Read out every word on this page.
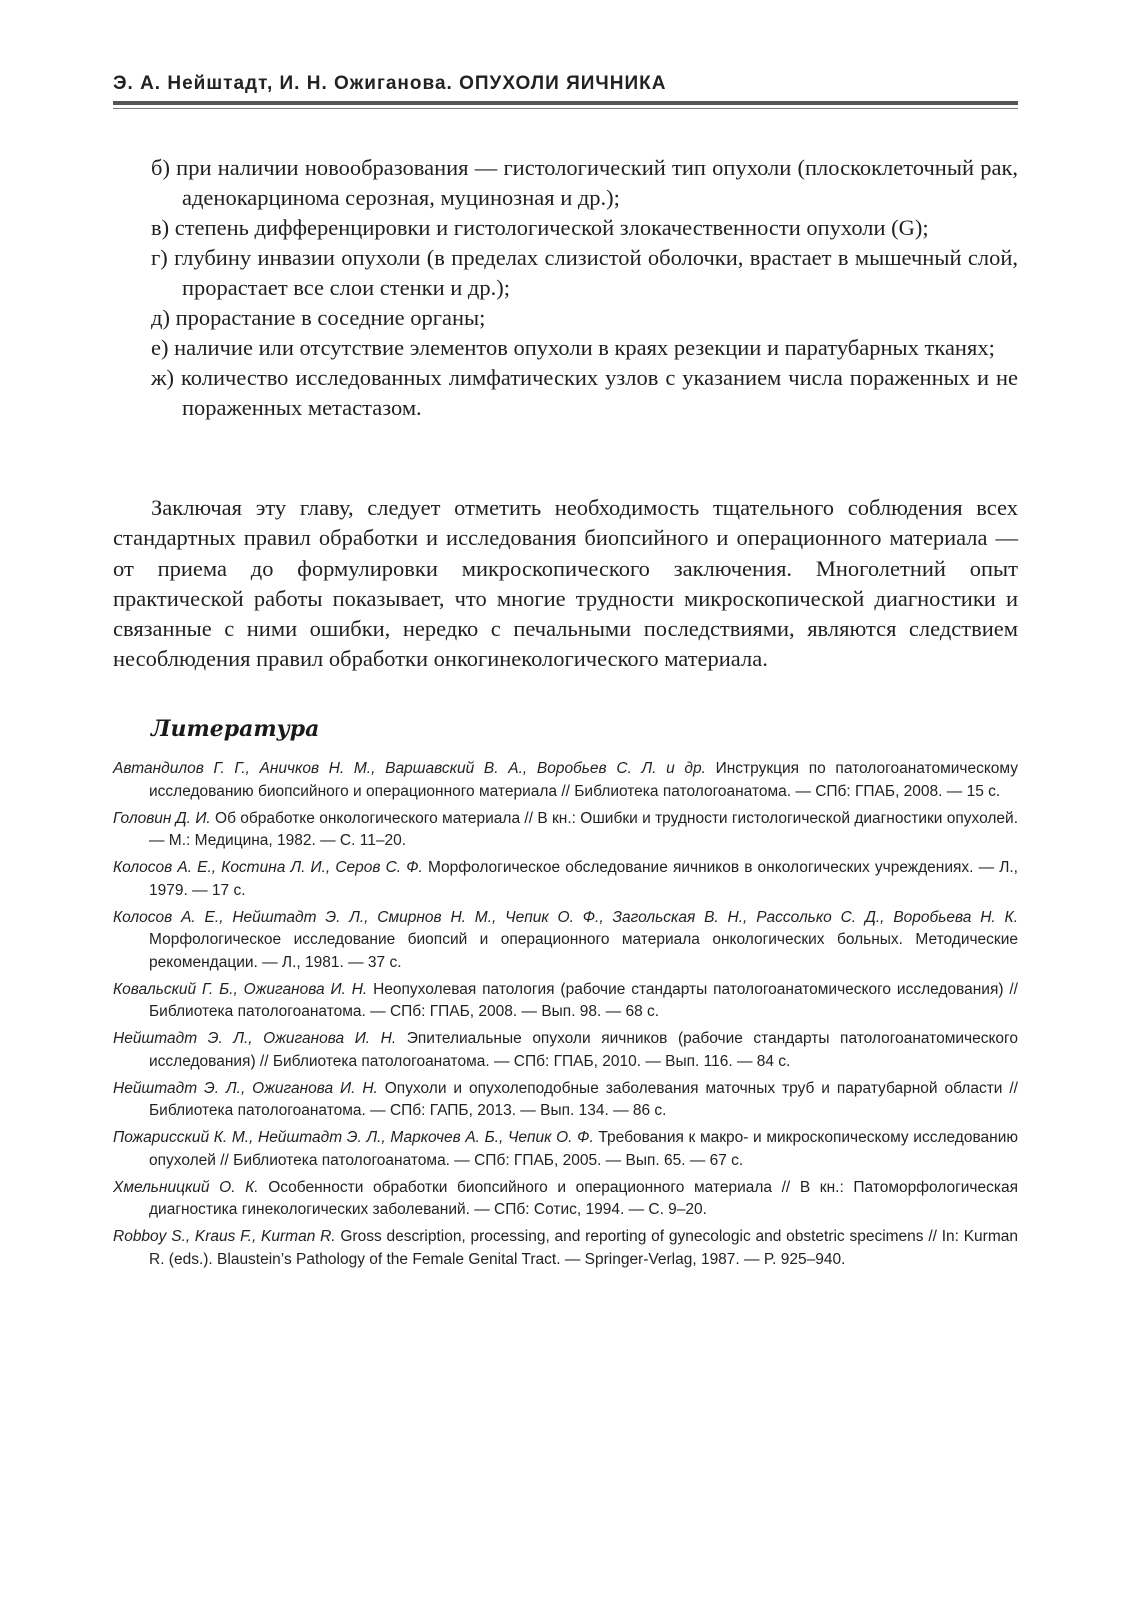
Э. А. Нейштадт, И. Н. Ожиганова. ОПУХОЛИ ЯИЧНИКА
б) при наличии новообразования — гистологический тип опухоли (плоскоклеточный рак, аденокарцинома серозная, муцинозная и др.);
в) степень дифференцировки и гистологической злокачественности опухоли (G);
г) глубину инвазии опухоли (в пределах слизистой оболочки, врастает в мышечный слой, прорастает все слои стенки и др.);
д) прорастание в соседние органы;
е) наличие или отсутствие элементов опухоли в краях резекции и паратубарных тканях;
ж) количество исследованных лимфатических узлов с указанием числа пораженных и не пораженных метастазом.

Заключая эту главу, следует отметить необходимость тщательного соблюдения всех стандартных правил обработки и исследования биопсийного и операционного материала — от приема до формулировки микроскопического заключения. Многолетний опыт практической работы показывает, что многие трудности микроскопической диагностики и связанные с ними ошибки, нередко с печальными последствиями, являются следствием несоблюдения правил обработки онкогинекологического материала.

Литература
Автандилов Г. Г., Аничков Н. М., Варшавский В. А., Воробьев С. Л. и др. Инструкция по патологоанатомическому исследованию биопсийного и операционного материала // Библиотека патологоанатома. — СПб: ГПАБ, 2008. — 15 с.
Головин Д. И. Об обработке онкологического материала // В кн.: Ошибки и трудности гистологической диагностики опухолей. — М.: Медицина, 1982. — С. 11–20.
Колосов А. Е., Костина Л. И., Серов С. Ф. Морфологическое обследование яичников в онкологических учреждениях. — Л., 1979. — 17 с.
Колосов А. Е., Нейштадт Э. Л., Смирнов Н. М., Чепик О. Ф., Загольская В. Н., Рассолько С. Д., Воробьева Н. К. Морфологическое исследование биопсий и операционного материала онкологических больных. Методические рекомендации. — Л., 1981. — 37 с.
Ковальский Г. Б., Ожиганова И. Н. Неопухолевая патология (рабочие стандарты патологоанатомического исследования) // Библиотека патологоанатома. — СПб: ГПАБ, 2008. — Вып. 98. — 68 с.
Нейштадт Э. Л., Ожиганова И. Н. Эпителиальные опухоли яичников (рабочие стандарты патологоанатомического исследования) // Библиотека патологоанатома. — СПб: ГПАБ, 2010. — Вып. 116. — 84 с.
Нейштадт Э. Л., Ожиганова И. Н. Опухоли и опухолеподобные заболевания маточных труб и паратубарной области // Библиотека патологоанатома. — СПб: ГАПБ, 2013. — Вып. 134. — 86 с.
Пожарисский К. М., Нейштадт Э. Л., Маркочев А. Б., Чепик О. Ф. Требования к макро- и микроскопическому исследованию опухолей // Библиотека патологоанатома. — СПб: ГПАБ, 2005. — Вып. 65. — 67 с.
Хмельницкий О. К. Особенности обработки биопсийного и операционного материала // В кн.: Патоморфологическая диагностика гинекологических заболеваний. — СПб: Сотис, 1994. — С. 9–20.
Robboy S., Kraus F., Kurman R. Gross description, processing, and reporting of gynecologic and obstetric specimens // In: Kurman R. (eds.). Blaustein’s Pathology of the Female Genital Tract. — Springer-Verlag, 1987. — P. 925–940.
